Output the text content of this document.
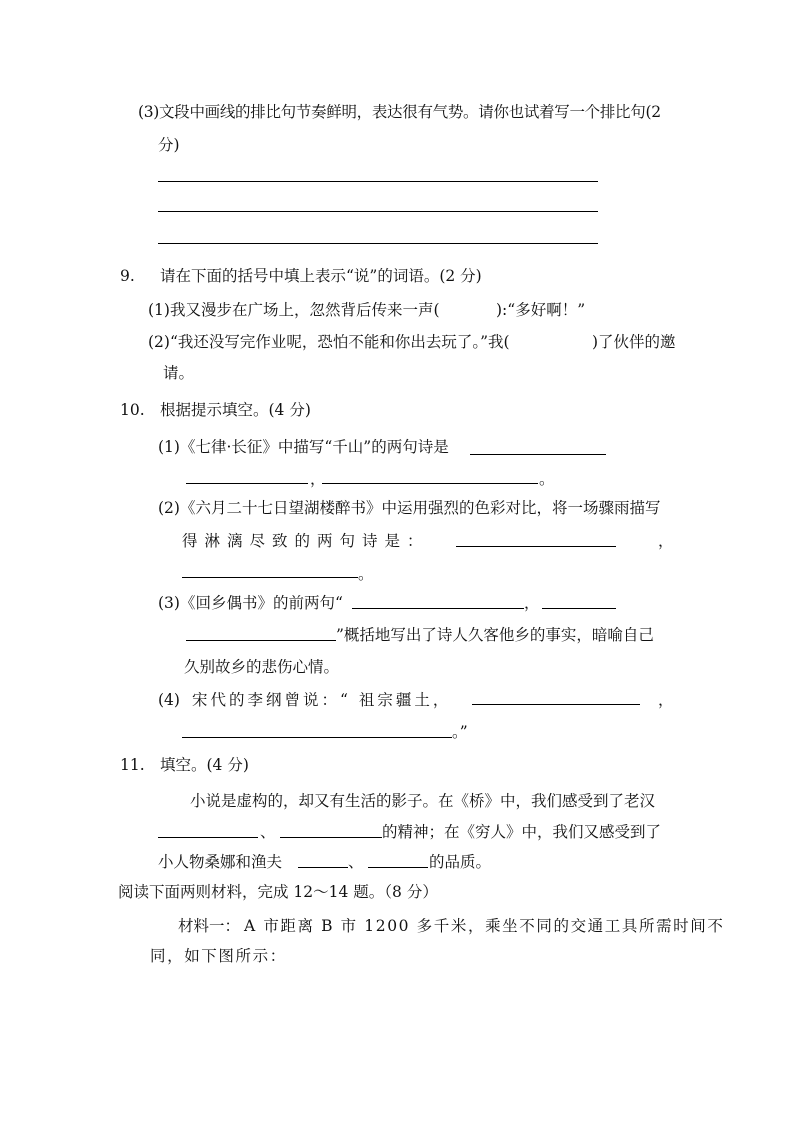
(3)文段中画线的排比句节奏鲜明，表达很有气势。请你也试着写一个排比句(2
分)
9. 请在下面的括号中填上表示“说”的词语。(2 分)
(1)我又漫步在广场上，忽然背后传来一声(	):“多好啊！”
(2)“我还没写完作业呢，恐怕不能和你出去玩了。”我(	)了伙伴的邀
请。
10. 根据提示填空。(4 分)
(1)《七律·长征》中描写“千山”的两句诗是
，	。
(2)《六月二十七日望湖楼醉书》中运用强烈的色彩对比，将一场骤雨描写
得淋漓尽致的两句诗是：	，
。
(3)《回乡偶书》的前两句“	，
”概括地写出了诗人久客他乡的事实，暗喻自己
久别故乡的悲伤心情。
(4) 宋代的李纲曾说：“ 祖宗疆土，	，
。”
11. 填空。(4 分)
小说是虚构的，却又有生活的影子。在《桥》中，我们感受到了老汉
、	的精神；在《穷人》中，我们又感受到了
小人物桑娜和渔夫	、	的品质。
阅读下面两则材料，完成 12～14 题。（8 分）
材料一： A 市距离 B 市 1200 多千米，乘坐不同的交通工具所需时间不
同，如下图所示：
